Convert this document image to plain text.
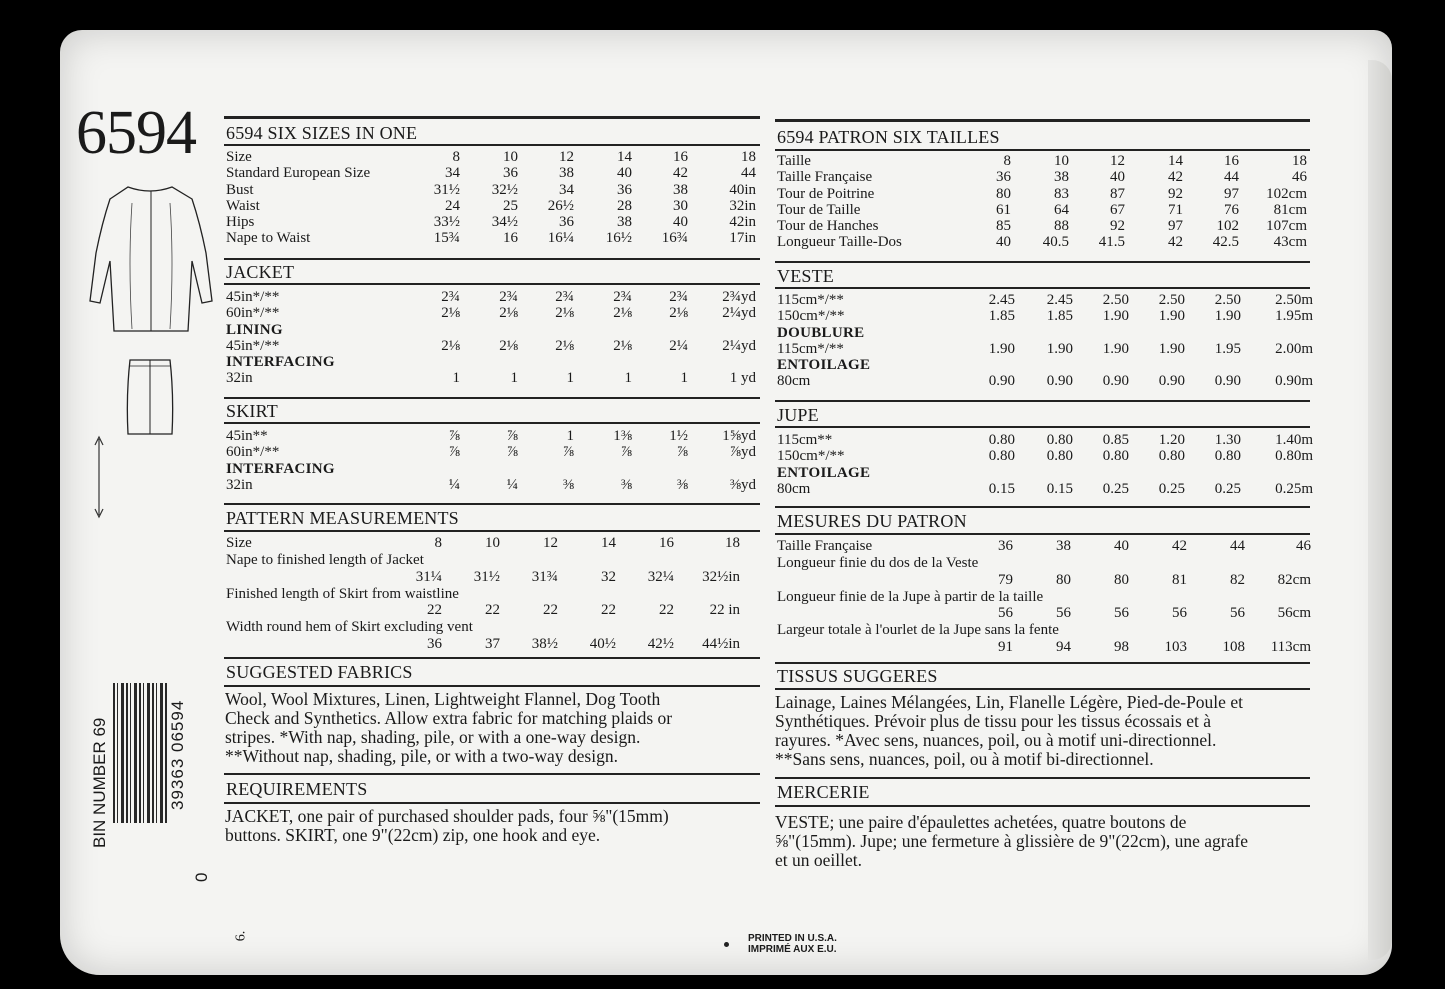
6594
BIN NUMBER 69	39363 06594
0
6.	PRINTED IN U.S.A.
IMPRIMÉ AUX E.U.
6594 SIX SIZES IN ONE
Size	8	10	12	14	16	18
Standard European Size	34	36	38	40	42	44
Bust	31½	32½	34	36	38	40in
Waist	24	25	26½	28	30	32in
Hips	33½	34½	36	38	40	42in
Nape to Waist	15¾	16	16¼	16½	16¾	17in
JACKET
45in*/**	2¾	2¾	2¾	2¾	2¾	2¾yd
60in*/**	2⅛	2⅛	2⅛	2⅛	2⅛	2¼yd
LINING						
45in*/**	2⅛	2⅛	2⅛	2⅛	2¼	2¼yd
INTERFACING						
32in	1	1	1	1	1	1 yd
SKIRT
45in**	⅞	⅞	1	1⅜	1½	1⅝yd
60in*/**	⅞	⅞	⅞	⅞	⅞	⅞yd
INTERFACING						
32in	¼	¼	⅜	⅜	⅜	⅜yd
PATTERN MEASUREMENTS
Size	8	10	12	14	16	18
Nape to finished length of Jacket						
	31¼	31½	31¾	32	32¼	32½in
Finished length of Skirt from waistline						
	22	22	22	22	22	22 in
Width round hem of Skirt excluding vent						
	36	37	38½	40½	42½	44½in
SUGGESTED FABRICS
Wool, Wool Mixtures, Linen, Lightweight Flannel, Dog Tooth
Check and Synthetics. Allow extra fabric for matching plaids or
stripes. *With nap, shading, pile, or with a one-way design.
**Without nap, shading, pile, or with a two-way design.
REQUIREMENTS
JACKET, one pair of purchased shoulder pads, four ⅝"(15mm)
buttons. SKIRT, one 9"(22cm) zip, one hook and eye.
6594 PATRON SIX TAILLES
Taille	8	10	12	14	16	18
Taille Française	36	38	40	42	44	46
Tour de Poitrine	80	83	87	92	97	102cm
Tour de Taille	61	64	67	71	76	81cm
Tour de Hanches	85	88	92	97	102	107cm
Longueur Taille-Dos	40	40.5	41.5	42	42.5	43cm
VESTE
115cm*/**	2.45	2.45	2.50	2.50	2.50	2.50m
150cm*/**	1.85	1.85	1.90	1.90	1.90	1.95m
DOUBLURE						
115cm*/**	1.90	1.90	1.90	1.90	1.95	2.00m
ENTOILAGE						
80cm	0.90	0.90	0.90	0.90	0.90	0.90m
JUPE
115cm**	0.80	0.80	0.85	1.20	1.30	1.40m
150cm*/**	0.80	0.80	0.80	0.80	0.80	0.80m
ENTOILAGE						
80cm	0.15	0.15	0.25	0.25	0.25	0.25m
MESURES DU PATRON
Taille Française	36	38	40	42	44	46
Longueur finie du dos de la Veste						
	79	80	80	81	82	82cm
Longueur finie de la Jupe à partir de la taille						
	56	56	56	56	56	56cm
Largeur totale à l'ourlet de la Jupe sans la fente						
	91	94	98	103	108	113cm
TISSUS SUGGERES
Lainage, Laines Mélangées, Lin, Flanelle Légère, Pied-de-Poule et
Synthétiques. Prévoir plus de tissu pour les tissus écossais et à
rayures. *Avec sens, nuances, poil, ou à motif uni-directionnel.
**Sans sens, nuances, poil, ou à motif bi-directionnel.
MERCERIE
VESTE; une paire d'épaulettes achetées, quatre boutons de
⅝"(15mm). Jupe; une fermeture à glissière de 9"(22cm), une agrafe
et un oeillet.
